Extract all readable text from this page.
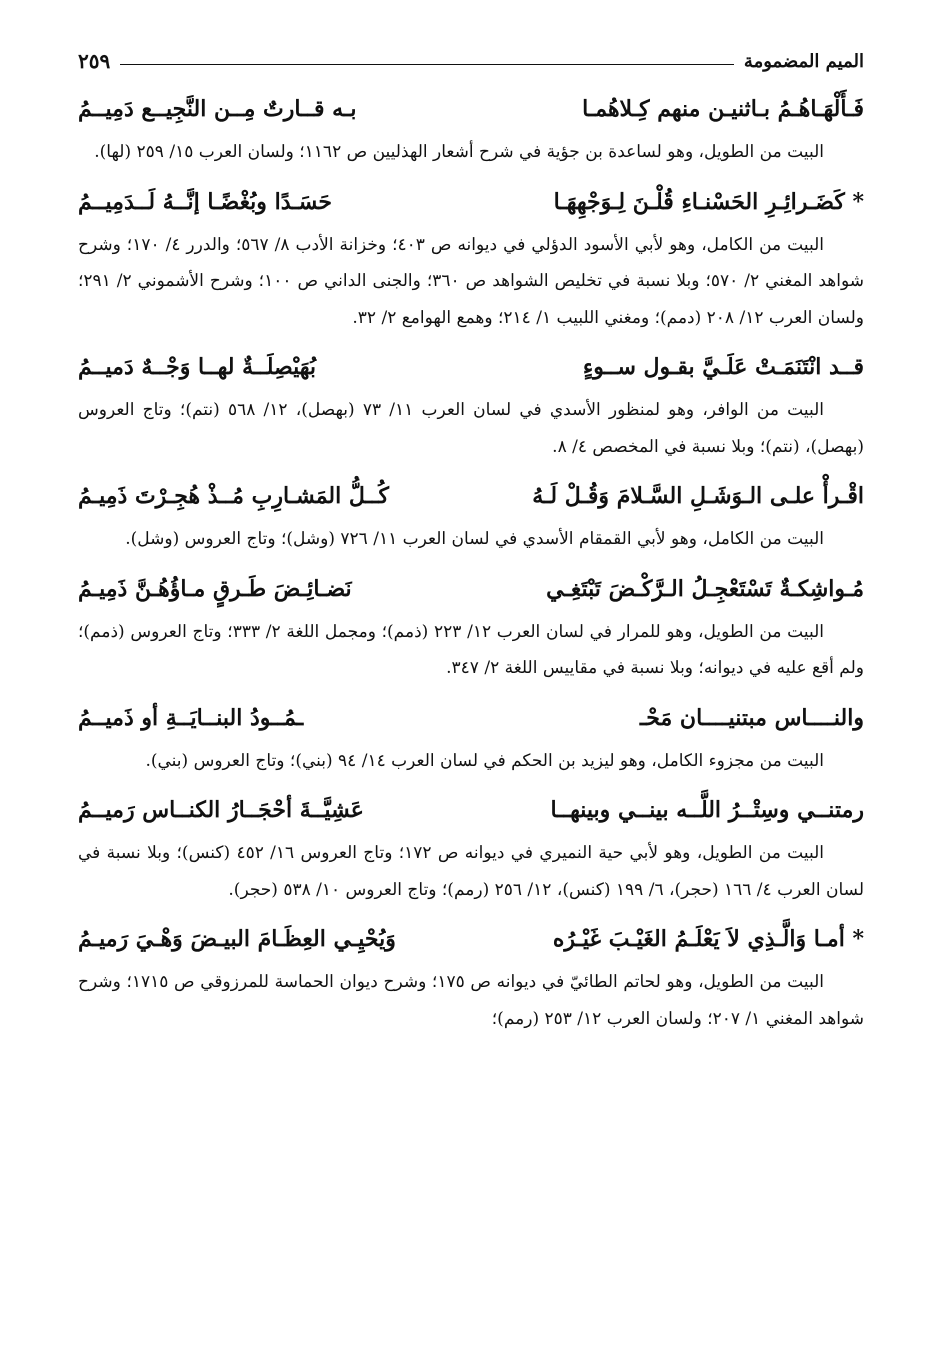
الميم المضمومة
٢٥٩
فَـأَلْهَـاهُـمُ بـاثنيـن منهم كِـلاهُمـا
بـه قــارتٌ مِــن النَّجِيــع دَمِيــمُ

البيت من الطويل، وهو لساعدة بن جؤية في شرح أشعار الهذليين ص ١١٦٢؛ ولسان العرب ١٥/ ٢٥٩ (لها).

* كَضَـرائِـرِ الحَسْنـاءِ قُلْـنَ لِـوَجْهِهَـا
حَسَـدًا وبُغْضًـا إنَّــهُ لَــدَمِيــمُ

البيت من الكامل، وهو لأبي الأسود الدؤلي في ديوانه ص ٤٠٣؛ وخزانة الأدب ٨/ ٥٦٧؛ والدرر ٤/ ١٧٠؛ وشرح شواهد المغني ٢/ ٥٧٠؛ وبلا نسبة في تخليص الشواهد ص ٣٦٠؛ والجنى الداني ص ١٠٠؛ وشرح الأشموني ٢/ ٢٩١؛ ولسان العرب ١٢/ ٢٠٨ (دمم)؛ ومغني اللبيب ١/ ٢١٤؛ وهمع الهوامع ٢/ ٣٢.

قــد انْتَنَمَـتْ عَلَـيَّ بقـول ســوءٍ
بُهَيْصِلَــةٌ لهــا وَجْــهٌ دَميــمُ

البيت من الوافر، وهو لمنظور الأسدي في لسان العرب ١١/ ٧٣ (بهصل)، ١٢/ ٥٦٨ (نتم)؛ وتاج العروس (بهصل)، (نتم)؛ وبلا نسبة في المخصص ٤/ ٨.

اقْـرأْ علـى الـوَشَـلِ السَّـلامَ وَقُـلْ لَـهُ
كُــلُّ المَشـارِبِ مُــذْ هُجِـرْتَ ذَمِيـمُ

البيت من الكامل، وهو لأبي القمقام الأسدي في لسان العرب ١١/ ٧٢٦ (وشل)؛ وتاج العروس (وشل).

مُـواشِكـةٌ تَسْتَعْجِـلُ الـرَّكْـضَ تَبْتَغِـي
نَضـائِـضَ طَـرقٍ مـاؤُهُـنَّ ذَمِيـمُ

البيت من الطويل، وهو للمرار في لسان العرب ١٢/ ٢٢٣ (ذمم)؛ ومجمل اللغة ٢/ ٣٣٣؛ وتاج العروس (ذمم)؛ ولم أقع عليه في ديوانه؛ وبلا نسبة في مقاييس اللغة ٢/ ٣٤٧.

والنــــاس مبتنيــــان مَحْـ
ـمُــودُ البنــايَــةِ أو ذَميــمُ

البيت من مجزوء الكامل، وهو ليزيد بن الحكم في لسان العرب ١٤/ ٩٤ (بني)؛ وتاج العروس (بني).

رمتنــي وسِتْــرُ اللَّــه بينــي وبينهــا
عَشِيَّــةَ أحْجَــارُ الكنــاس رَميــمُ

البيت من الطويل، وهو لأبي حية النميري في ديوانه ص ١٧٢؛ وتاج العروس ١٦/ ٤٥٢ (كنس)؛ وبلا نسبة في لسان العرب ٤/ ١٦٦ (حجر)، ٦/ ١٩٩ (كنس)، ١٢/ ٢٥٦ (رمم)؛ وتاج العروس ١٠/ ٥٣٨ (حجر).

* أمـا وَالَّـذِي لاَ يَعْلَـمُ الغَيْـبَ غَيْـرُه
وَيُحْيِـي العِظَـامَ البيـضَ وَهْـيَ رَميـمُ

البيت من الطويل، وهو لحاتم الطائيّ في ديوانه ص ١٧٥؛ وشرح ديوان الحماسة للمرزوقي ص ١٧١٥؛ وشرح شواهد المغني ١/ ٢٠٧؛ ولسان العرب ١٢/ ٢٥٣ (رمم)؛
